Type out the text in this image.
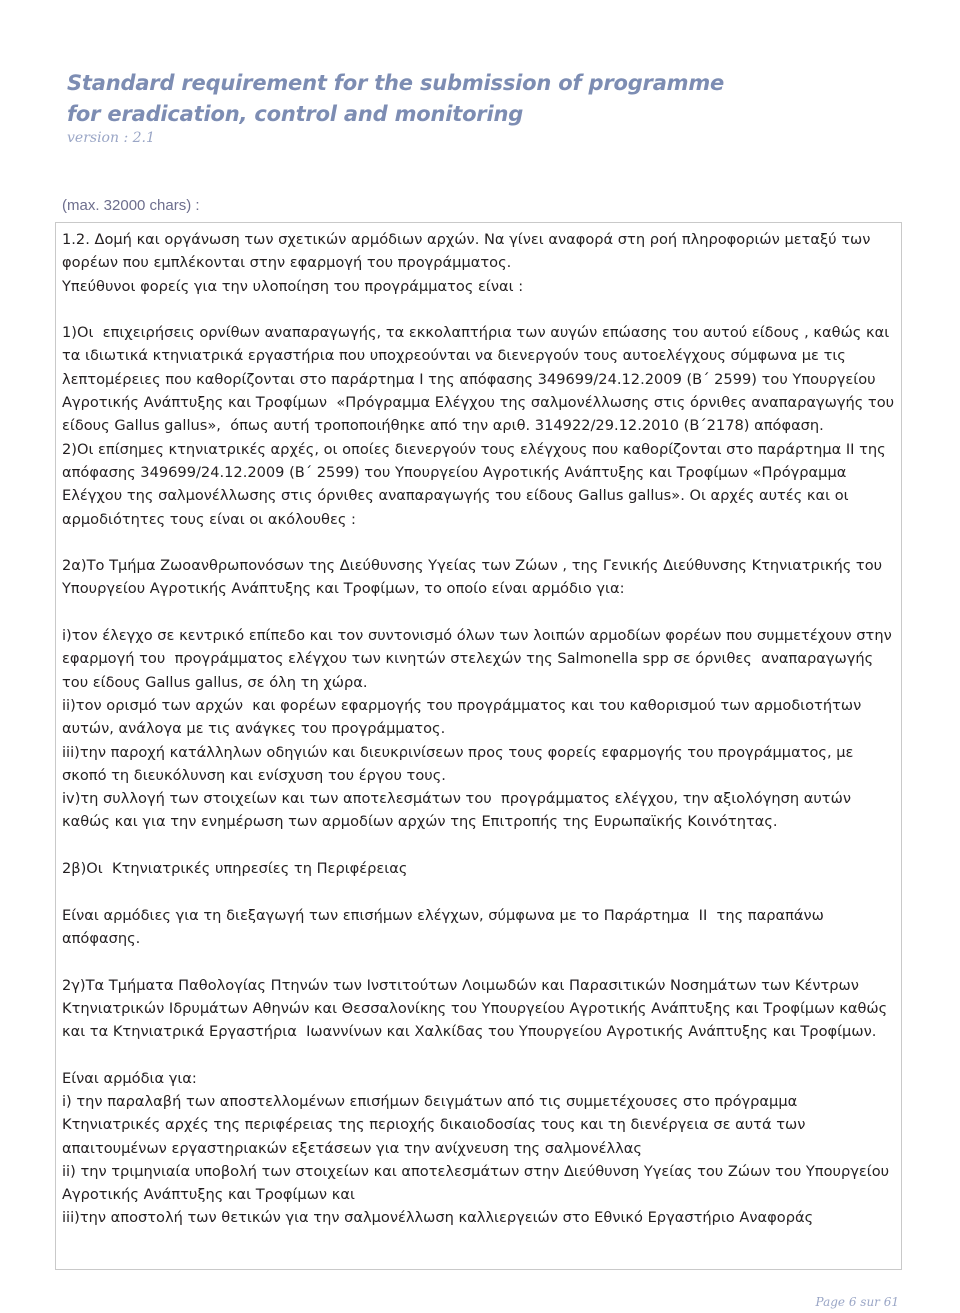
Standard requirement for the submission of programme
for eradication, control and monitoring
version : 2.1
(max. 32000 chars) :

1.2. Δομή και οργάνωση των σχετικών αρμόδιων αρχών. Να γίνει αναφορά στη ροή πληροφοριών μεταξύ των φορέων που εμπλέκονται στην εφαρμογή του προγράμματος.

Υπεύθυνοι φορείς για την υλοποίηση του προγράμματος είναι :

1)Οι  επιχειρήσεις ορνίθων αναπαραγωγής, τα εκκολαπτήρια των αυγών επώασης του αυτού είδους , καθώς και τα ιδιωτικά κτηνιατρικά εργαστήρια που υποχρεούνται να διενεργούν τους αυτοελέγχους σύμφωνα με τις λεπτομέρειες που καθορίζονται στο παράρτημα Ι της απόφασης 349699/24.12.2009 (Β΄ 2599) του Υπουργείου Αγροτικής Ανάπτυξης και Τροφίμων  «Πρόγραμμα Ελέγχου της σαλμονέλλωσης στις όρνιθες αναπαραγωγής του είδους Gallus gallus»,  όπως αυτή τροποποιήθηκε από την αριθ. 314922/29.12.2010 (Β΄2178) απόφαση.

2)Οι επίσημες κτηνιατρικές αρχές, οι οποίες διενεργούν τους ελέγχους που καθορίζονται στο παράρτημα ΙΙ της απόφασης 349699/24.12.2009 (Β΄ 2599) του Υπουργείου Αγροτικής Ανάπτυξης και Τροφίμων «Πρόγραμμα Ελέγχου της σαλμονέλλωσης στις όρνιθες αναπαραγωγής του είδους Gallus gallus». Οι αρχές αυτές και οι αρμοδιότητες τους είναι οι ακόλουθες :

2α)Το Τμήμα Ζωοανθρωπονόσων της Διεύθυνσης Υγείας των Ζώων , της Γενικής Διεύθυνσης Κτηνιατρικής του Υπουργείου Αγροτικής Ανάπτυξης και Τροφίμων, το οποίο είναι αρμόδιο για:

i)τον έλεγχο σε κεντρικό επίπεδο και τον συντονισμό όλων των λοιπών αρμοδίων φορέων που συμμετέχουν στην εφαρμογή του  προγράμματος ελέγχου των κινητών στελεχών της Salmonella spp σε όρνιθες  αναπαραγωγής του είδους Gallus gallus, σε όλη τη χώρα.

ii)τον ορισμό των αρχών  και φορέων εφαρμογής του προγράμματος και του καθορισμού των αρμοδιοτήτων  αυτών, ανάλογα με τις ανάγκες του προγράμματος.

iii)την παροχή κατάλληλων οδηγιών και διευκρινίσεων προς τους φορείς εφαρμογής του προγράμματος, με σκοπό τη διευκόλυνση και ενίσχυση του έργου τους.

iv)τη συλλογή των στοιχείων και των αποτελεσμάτων του  προγράμματος ελέγχου, την αξιολόγηση αυτών καθώς και για την ενημέρωση των αρμοδίων αρχών της Επιτροπής της Ευρωπαϊκής Κοινότητας.

2β)Οι  Κτηνιατρικές υπηρεσίες τη Περιφέρειας

Είναι αρμόδιες για τη διεξαγωγή των επισήμων ελέγχων, σύμφωνα με το Παράρτημα  ΙΙ  της παραπάνω απόφασης.

2γ)Τα Τμήματα Παθολογίας Πτηνών των Ινστιτούτων Λοιμωδών και Παρασιτικών Νοσημάτων των Κέντρων Κτηνιατρικών Ιδρυμάτων Αθηνών και Θεσσαλονίκης του Υπουργείου Αγροτικής Ανάπτυξης και Τροφίμων καθώς και τα Κτηνιατρικά Εργαστήρια  Ιωαννίνων και Χαλκίδας του Υπουργείου Αγροτικής Ανάπτυξης και Τροφίμων.

Είναι αρμόδια για:

i) την παραλαβή των αποστελλομένων επισήμων δειγμάτων από τις συμμετέχουσες στο πρόγραμμα Κτηνιατρικές αρχές της περιφέρειας της περιοχής δικαιοδοσίας τους και τη διενέργεια σε αυτά των απαιτουμένων εργαστηριακών εξετάσεων για την ανίχνευση της σαλμονέλλας

ii) την τριμηνιαία υποβολή των στοιχείων και αποτελεσμάτων στην Διεύθυνση Υγείας του Ζώων του Υπουργείου Αγροτικής Ανάπτυξης και Τροφίμων και

iii)την αποστολή των θετικών για την σαλμονέλλωση καλλιεργειών στο Εθνικό Εργαστήριο Αναφοράς

Page 6 sur 61
